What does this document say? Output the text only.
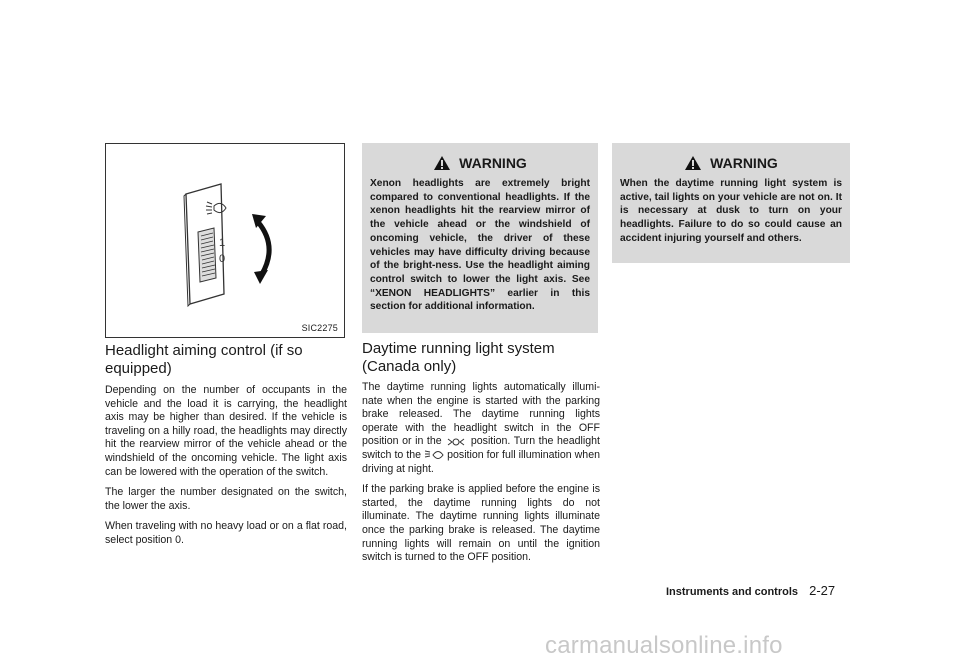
1
0
SIC2275
Headlight aiming control (if so equipped)

Depending on the number of occupants in the vehicle and the load it is carrying, the headlight axis may be higher than desired. If the vehicle is traveling on a hilly road, the headlights may directly hit the rearview mirror of the vehicle ahead or the windshield of the oncoming vehicle. The light axis can be lowered with the operation of the switch.

The larger the number designated on the switch, the lower the axis.

When traveling with no heavy load or on a flat road, select position 0.

WARNING

Xenon headlights are extremely bright compared to conventional headlights. If the xenon headlights hit the rearview mirror of the vehicle ahead or the windshield of oncoming vehicle, the driver of these vehicles may have difficulty driving because of the bright-ness. Use the headlight aiming control switch to lower the light axis. See “XENON HEADLIGHTS” earlier in this section for additional information.

Daytime running light system (Canada only)

The daytime running lights automatically illumi-nate when the engine is started with the parking brake released. The daytime running lights operate with the headlight switch in the OFF position or in the	position. Turn the headlight switch to the position for full illumination when driving at night.

If the parking brake is applied before the engine is started, the daytime running lights do not illuminate. The daytime running lights illuminate once the parking brake is released. The daytime running lights will remain on until the ignition switch is turned to the OFF position.

WARNING

When the daytime running light system is active, tail lights on your vehicle are not on. It is necessary at dusk to turn on your headlights. Failure to do so could cause an accident injuring yourself and others.

Instruments and controls 2-27
carmanualsonline.info
